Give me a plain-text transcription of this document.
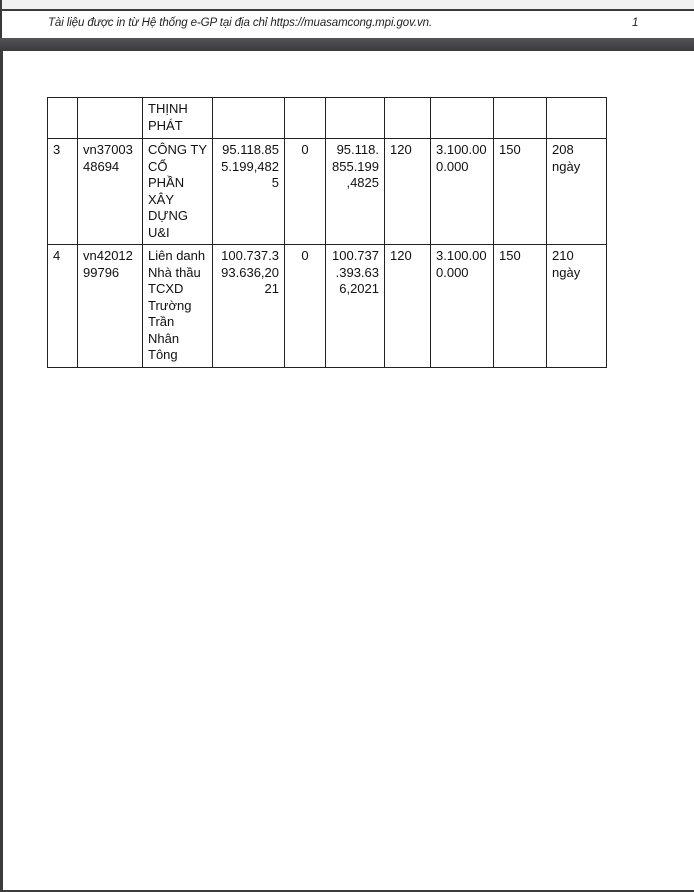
Tài liệu được in từ Hệ thống e-GP tại địa chỉ https://muasamcong.mpi.gov.vn.	1
		THỊNH PHÁT							
3	vn3700348694	CÔNG TY CỔ PHẦN XÂY DỰNG U&I	95.118.855.199,4825	0	95.118.855.199,4825	120	3.100.000.000	150	208 ngày
4	vn4201299796	Liên danh Nhà thầu TCXD Trường Trần Nhân Tông	100.737.393.636,2021	0	100.737.393.636,2021	120	3.100.000.000	150	210 ngày
